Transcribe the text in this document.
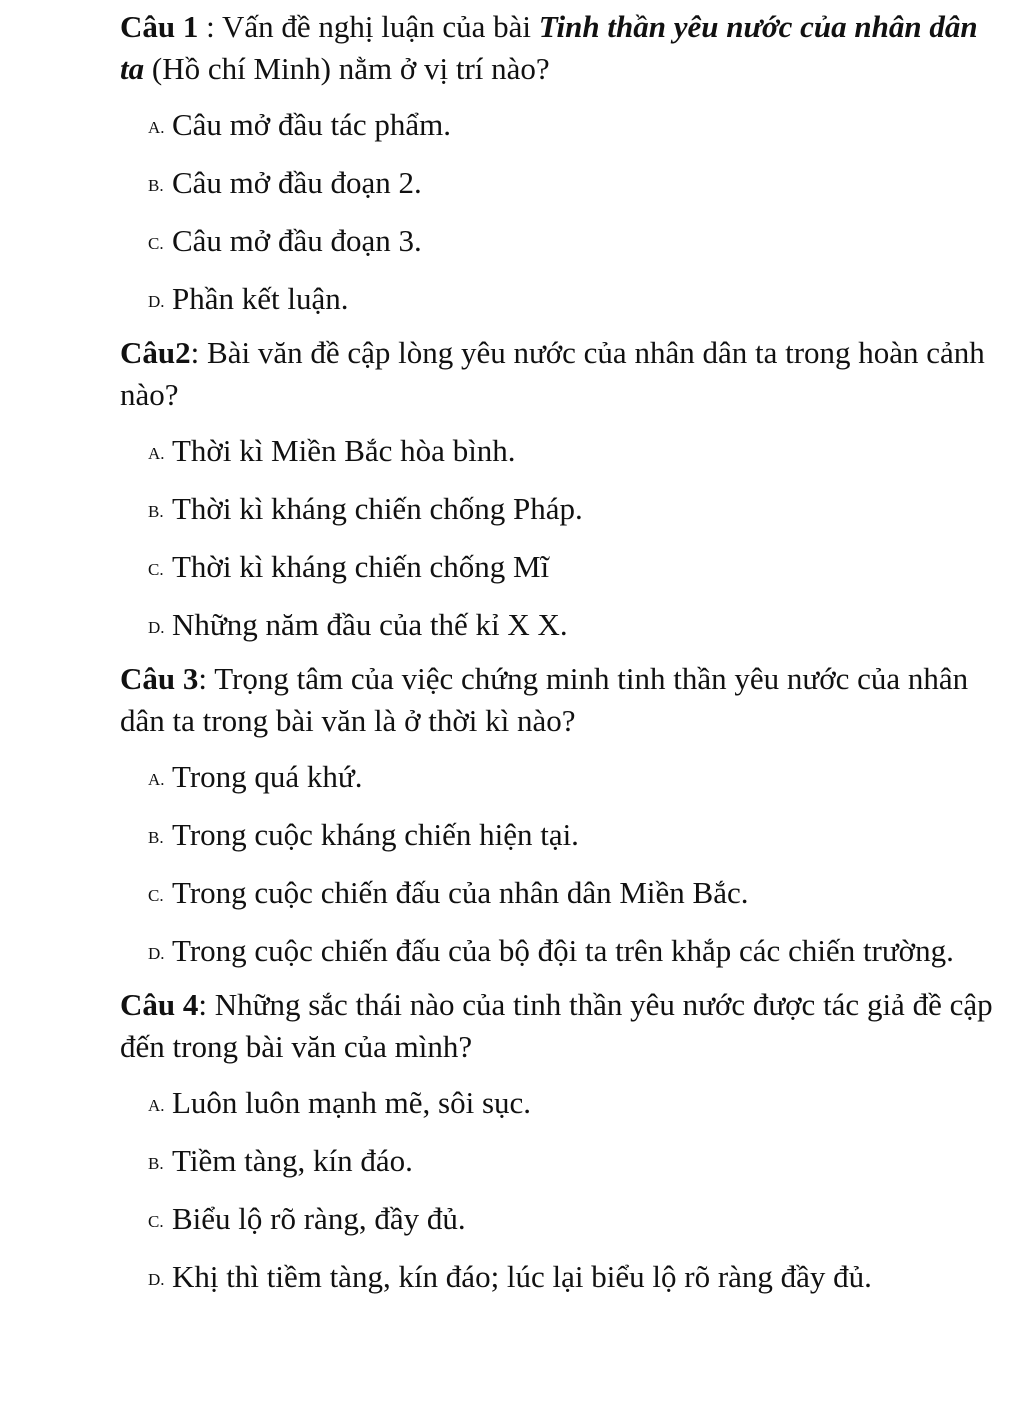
Câu 1 : Vấn đề nghị luận của bài Tinh thần yêu nước của nhân dân ta (Hồ chí Minh) nằm ở vị trí nào?

A. Câu mở đầu tác phẩm.
B. Câu mở đầu đoạn 2.
C. Câu mở đầu đoạn 3.
D. Phần kết luận.

Câu2: Bài văn đề cập lòng yêu nước của nhân dân ta trong hoàn cảnh nào?

A. Thời kì Miền Bắc hòa bình.
B. Thời kì kháng chiến chống Pháp.
C. Thời kì kháng chiến chống Mĩ
D. Những năm đầu của thế kỉ X X.

Câu 3: Trọng tâm của việc chứng minh tinh thần yêu nước của nhân dân ta trong bài văn là ở thời kì nào?

A. Trong quá khứ.
B. Trong cuộc kháng chiến hiện tại.
C. Trong cuộc chiến đấu của nhân dân Miền Bắc.
D. Trong cuộc chiến đấu của bộ đội ta trên khắp các chiến trường.

Câu 4: Những sắc thái nào của tinh thần yêu nước được tác giả đề cập đến trong bài văn của mình?

A. Luôn luôn mạnh mẽ, sôi sục.
B. Tiềm tàng, kín đáo.
C. Biểu lộ rõ ràng, đầy đủ.
D. Khị thì tiềm tàng, kín đáo; lúc lại biểu lộ rõ ràng đầy đủ.
